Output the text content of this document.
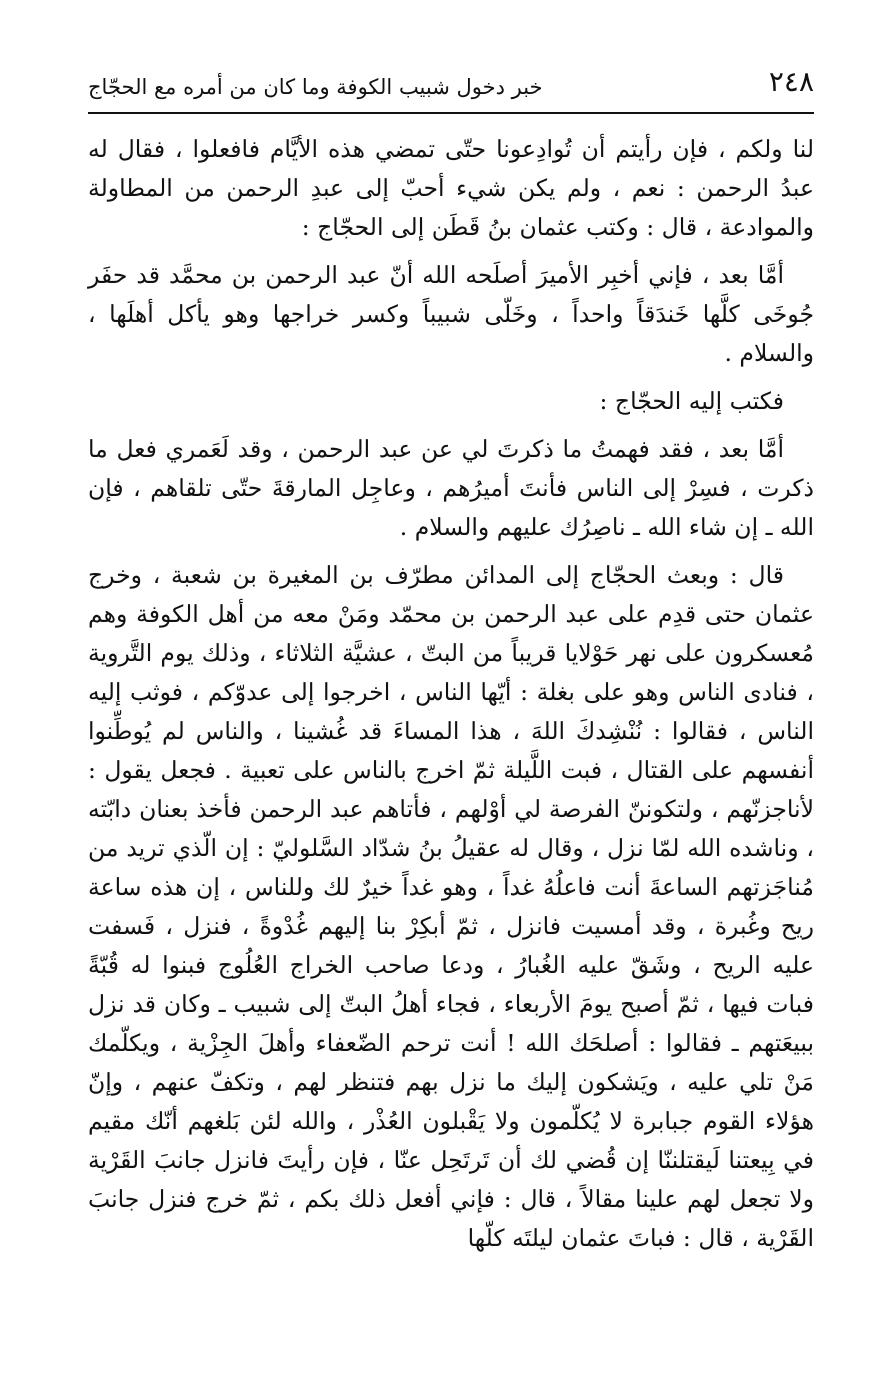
٢٤٨
خبر دخول شبيب الكوفة وما كان من أمره مع الحجّاج

لنا ولكم ، فإن رأيتم أن تُوادِعونا حتّى تمضي هذه الأيَّام فافعلوا ، فقال له عبدُ الرحمن : نعم ، ولم يكن شيء أحبّ إلى عبدِ الرحمن من المطاولة والموادعة ، قال : وكتب عثمان بنُ قَطَن إلى الحجّاج :

أمَّا بعد ، فإني أخبِر الأميرَ أصلَحه الله أنّ عبد الرحمن بن محمَّد قد حفَر جُوخَى كلَّها خَندَقاً واحداً ، وخَلّى شبيباً وكسر خراجها وهو يأكل أهلَها ، والسلام .

فكتب إليه الحجّاج :

أمَّا بعد ، فقد فهمتُ ما ذكرتَ لي عن عبد الرحمن ، وقد لَعَمري فعل ما ذكرت ، فسِرْ إلى الناس فأنتَ أميرُهم ، وعاجِل المارقةَ حتّى تلقاهم ، فإن الله ـ إن شاء الله ـ ناصِرُك عليهم والسلام .

قال : وبعث الحجّاج إلى المدائن مطرّف بن المغيرة بن شعبة ، وخرج عثمان حتى قدِم على عبد الرحمن بن محمّد ومَنْ معه من أهل الكوفة وهم مُعسكرون على نهر حَوْلايا قريباً من البتّ ، عشيَّة الثلاثاء ، وذلك يوم التَّروية ، فنادى الناس وهو على بغلة : أيّها الناس ، اخرجوا إلى عدوّكم ، فوثب إليه الناس ، فقالوا : نُنْشِدكَ اللهَ ، هذا المساءَ قد غُشينا ، والناس لم يُوطِّنوا أنفسهم على القتال ، فبت اللَّيلة ثمّ اخرج بالناس على تعبية . فجعل يقول : لأناجزنّهم ، ولتكوننّ الفرصة لي أوْلهم ، فأتاهم عبد الرحمن فأخذ بعنان دابّته ، وناشده الله لمّا نزل ، وقال له عقيلُ بنُ شدّاد السَّلوليّ : إن الّذي تريد من مُناجَزتهم الساعةَ أنت فاعلُهُ غداً ، وهو غداً خيرٌ لك وللناس ، إن هذه ساعة ريح وغُبرة ، وقد أمسيت فانزل ، ثمّ أبكِرْ بنا إليهم غُدْوةً ، فنزل ، فَسفت عليه الريح ، وشَقّ عليه الغُبارُ ، ودعا صاحب الخراج العُلُوج فبنوا له قُبّةً فبات فيها ، ثمّ أصبح يومَ الأربعاء ، فجاء أهلُ البتّ إلى شبيب ـ وكان قد نزل ببيعَتهم ـ فقالوا : أصلحَك الله ! أنت ترحم الضّعفاء وأهلَ الجِزْية ، ويكلّمك مَنْ تلي عليه ، ويَشكون إليك ما نزل بهم فتنظر لهم ، وتكفّ عنهم ، وإنّ هؤلاء القوم جبابرة لا يُكلّمون ولا يَقْبلون العُذْر ، والله لئن بَلغهم أنّك مقيم في بِيعتنا لَيقتلننّا إن قُضي لك أن تَرتَحِل عنّا ، فإن رأيتَ فانزل جانبَ القَرْية ولا تجعل لهم علينا مقالاً ، قال : فإني أفعل ذلك بكم ، ثمّ خرج فنزل جانبَ القَرْية ، قال : فباتَ عثمان ليلتَه كلّها
